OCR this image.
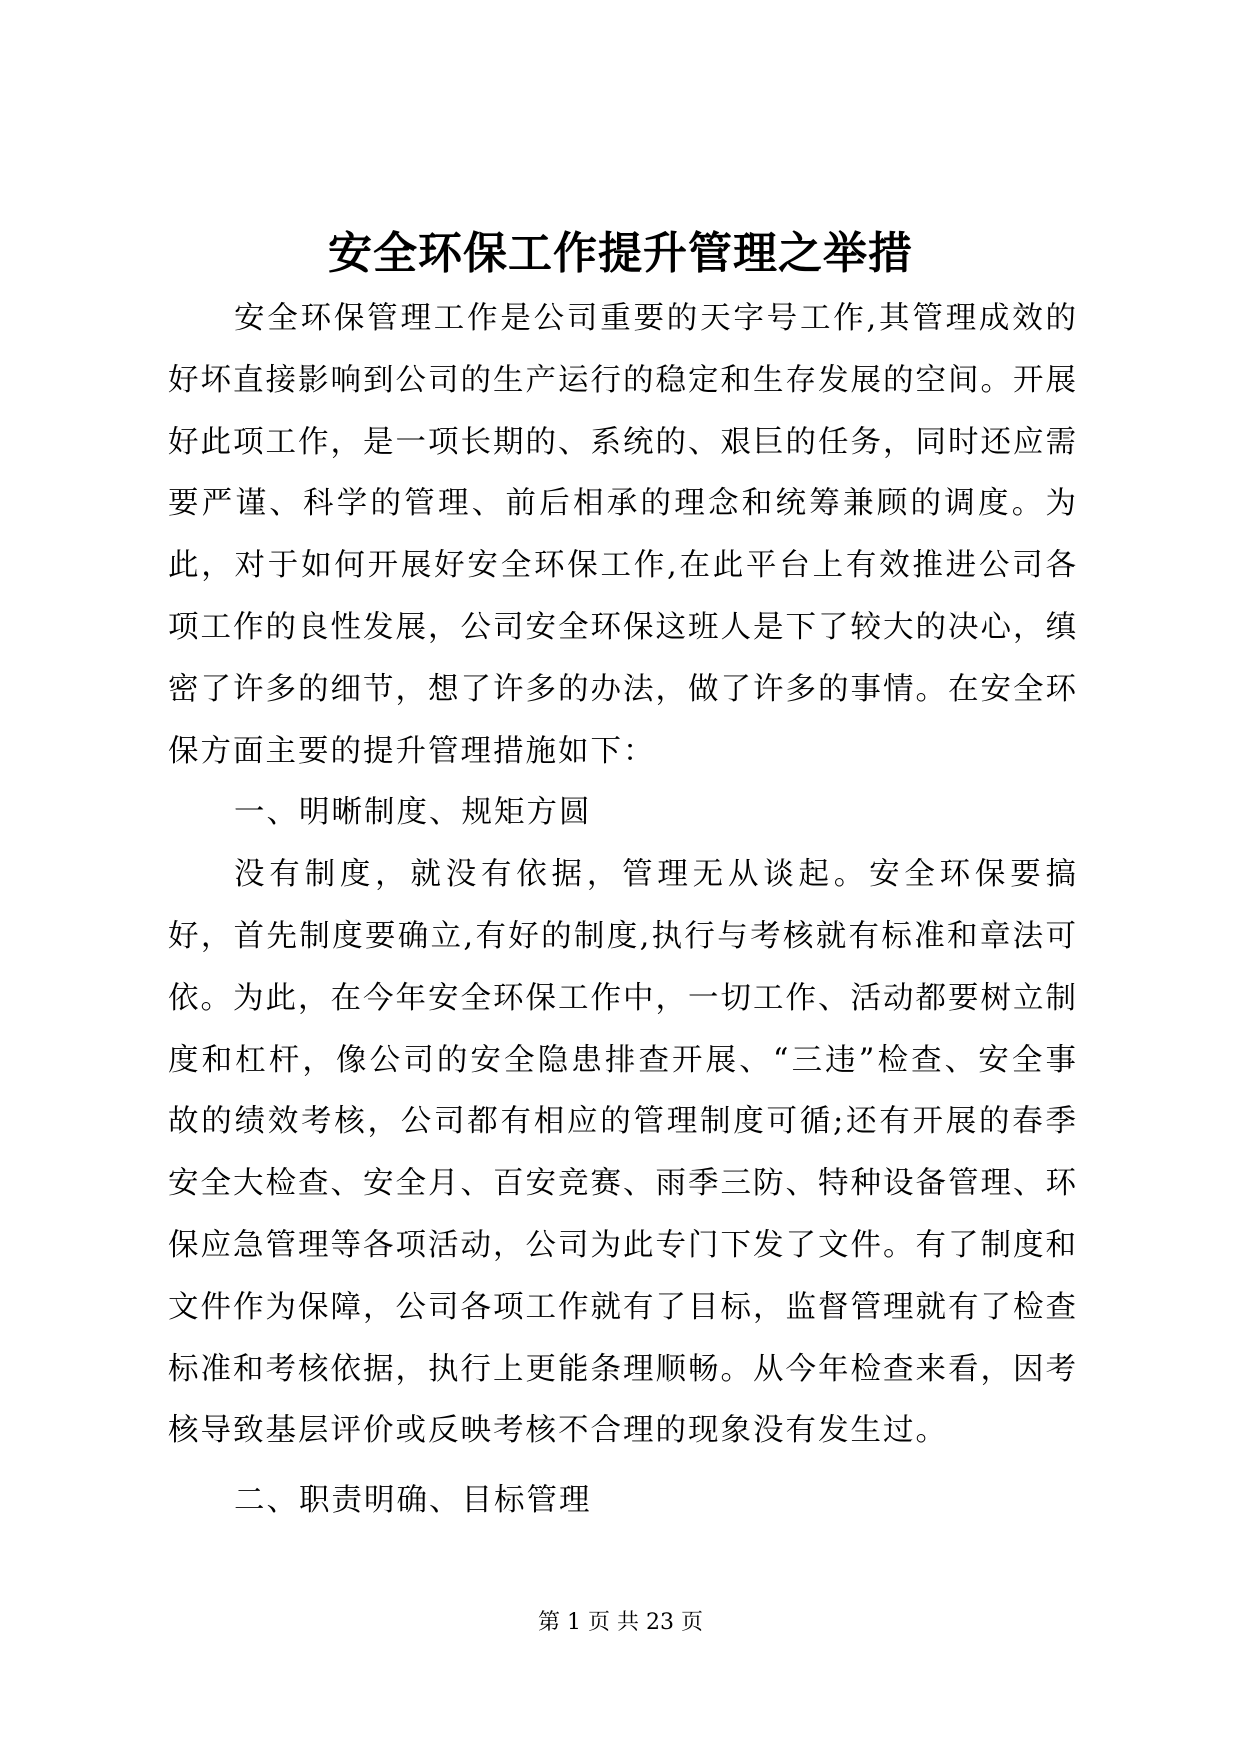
安全环保工作提升管理之举措

安全环保管理工作是公司重要的天字号工作,其管理成效的好坏直接影响到公司的生产运行的稳定和生存发展的空间。开展好此项工作，是一项长期的、系统的、艰巨的任务，同时还应需要严谨、科学的管理、前后相承的理念和统筹兼顾的调度。为此，对于如何开展好安全环保工作,在此平台上有效推进公司各项工作的良性发展，公司安全环保这班人是下了较大的决心，缜密了许多的细节，想了许多的办法，做了许多的事情。在安全环保方面主要的提升管理措施如下：

一、明晰制度、规矩方圆

没有制度，就没有依据，管理无从谈起。安全环保要搞好，首先制度要确立,有好的制度,执行与考核就有标准和章法可依。为此，在今年安全环保工作中，一切工作、活动都要树立制度和杠杆，像公司的安全隐患排查开展、“三违”检查、安全事故的绩效考核，公司都有相应的管理制度可循;还有开展的春季安全大检查、安全月、百安竞赛、雨季三防、特种设备管理、环保应急管理等各项活动，公司为此专门下发了文件。有了制度和文件作为保障，公司各项工作就有了目标，监督管理就有了检查标准和考核依据，执行上更能条理顺畅。从今年检查来看，因考核导致基层评价或反映考核不合理的现象没有发生过。

二、职责明确、目标管理

第 1 页 共 23 页
